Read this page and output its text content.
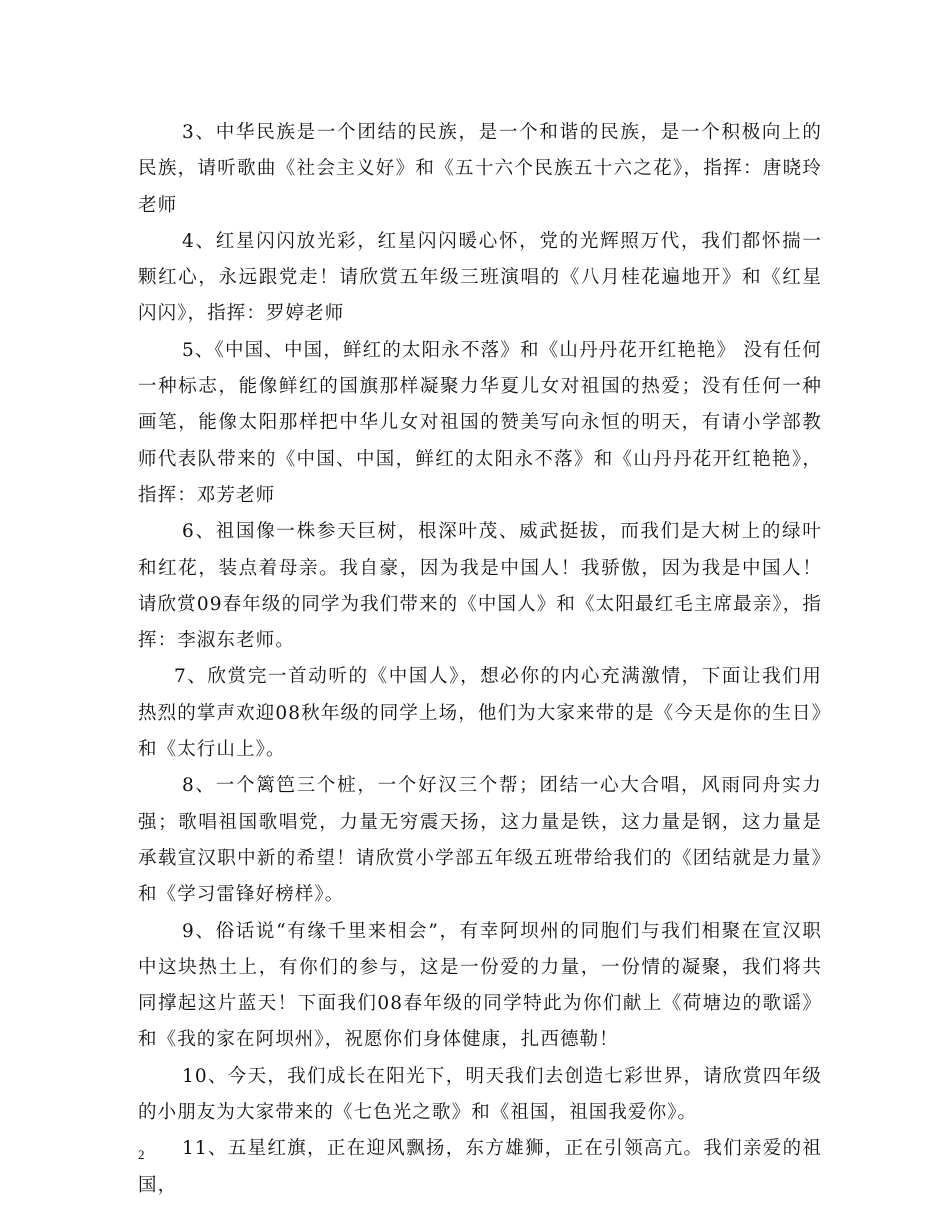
3、中华民族是一个团结的民族，是一个和谐的民族，是一个积极向上的民族，请听歌曲《社会主义好》和《五十六个民族五十六之花》，指挥：唐晓玲老师

4、红星闪闪放光彩，红星闪闪暖心怀，党的光辉照万代，我们都怀揣一颗红心，永远跟党走！请欣赏五年级三班演唱的《八月桂花遍地开》和《红星闪闪》，指挥：罗婷老师

5、《中国、中国，鲜红的太阳永不落》和《山丹丹花开红艳艳》 没有任何一种标志，能像鲜红的国旗那样凝聚力华夏儿女对祖国的热爱；没有任何一种画笔，能像太阳那样把中华儿女对祖国的赞美写向永恒的明天，有请小学部教师代表队带来的《中国、中国，鲜红的太阳永不落》和《山丹丹花开红艳艳》，指挥：邓芳老师

6、祖国像一株参天巨树，根深叶茂、威武挺拔，而我们是大树上的绿叶和红花，装点着母亲。我自豪，因为我是中国人！我骄傲，因为我是中国人！请欣赏09春年级的同学为我们带来的《中国人》和《太阳最红毛主席最亲》，指挥：李淑东老师。

7、欣赏完一首动听的《中国人》，想必你的内心充满激情，下面让我们用热烈的掌声欢迎08秋年级的同学上场，他们为大家来带的是《今天是你的生日》和《太行山上》。

8、一个篱笆三个桩，一个好汉三个帮；团结一心大合唱，风雨同舟实力强；歌唱祖国歌唱党，力量无穷震天扬，这力量是铁，这力量是钢，这力量是承载宣汉职中新的希望！请欣赏小学部五年级五班带给我们的《团结就是力量》和《学习雷锋好榜样》。

9、俗话说“有缘千里来相会”，有幸阿坝州的同胞们与我们相聚在宣汉职中这块热土上，有你们的参与，这是一份爱的力量，一份情的凝聚，我们将共同撑起这片蓝天！下面我们08春年级的同学特此为你们献上《荷塘边的歌谣》和《我的家在阿坝州》，祝愿你们身体健康，扎西德勒！

10、今天，我们成长在阳光下，明天我们去创造七彩世界，请欣赏四年级的小朋友为大家带来的《七色光之歌》和《祖国，祖国我爱你》。

11、五星红旗，正在迎风飘扬，东方雄狮，正在引领高亢。我们亲爱的祖国，

2
